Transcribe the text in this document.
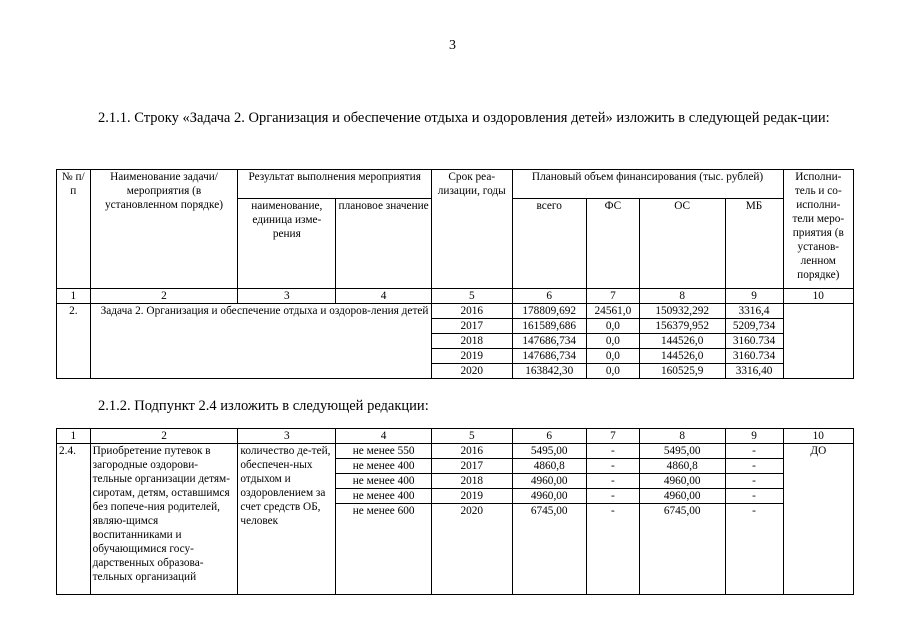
3
2.1.1. Строку «Задача 2. Организация и обеспечение отдыха и оздоровления детей» изложить в следующей редак-ции:
№ п/п	Наименование задачи/мероприятия (в установленном порядке)	Результат выполнения мероприятия		Срок реа-лизации, годы	Плановый объем финансирования (тыс. рублей)				Исполни-тель и со-исполни-тели меро-приятия (в установ-ленном порядке)
		наименование, единица изме-рения	плановое значение		всего	ФС	ОС	МБ	
1	2	3	4	5	6	7	8	9	10
2.	Задача 2. Организация и обеспечение отдыха и оздоров-ления детей			2016	178809,692	24561,0	150932,292	3316,4	
				2017	161589,686	0,0	156379,952	5209,734	
				2018	147686,734	0,0	144526,0	3160.734	
				2019	147686,734	0,0	144526,0	3160.734	
				2020	163842,30	0,0	160525,9	3316,40	
2.1.2. Подпункт 2.4 изложить в следующей редакции:
1	2	3	4	5	6	7	8	9	10
2.4.	Приобретение путевок в загородные оздорови-тельные организации детям-сиротам, детям, оставшимся без попече-ния родителей, являю-щимся воспитанниками и обучающимися госу-дарственных образова-тельных организаций	количество де-тей, обеспечен-ных отдыхом и оздоровлением за счет средств ОБ, человек	не менее 550	2016	5495,00	-	5495,00	-	ДО
			не менее 400	2017	4860,8	-	4860,8	-	
			не менее 400	2018	4960,00	-	4960,00	-	
			не менее 400	2019	4960,00	-	4960,00	-	
			не менее 600	2020	6745,00	-	6745,00	-	
